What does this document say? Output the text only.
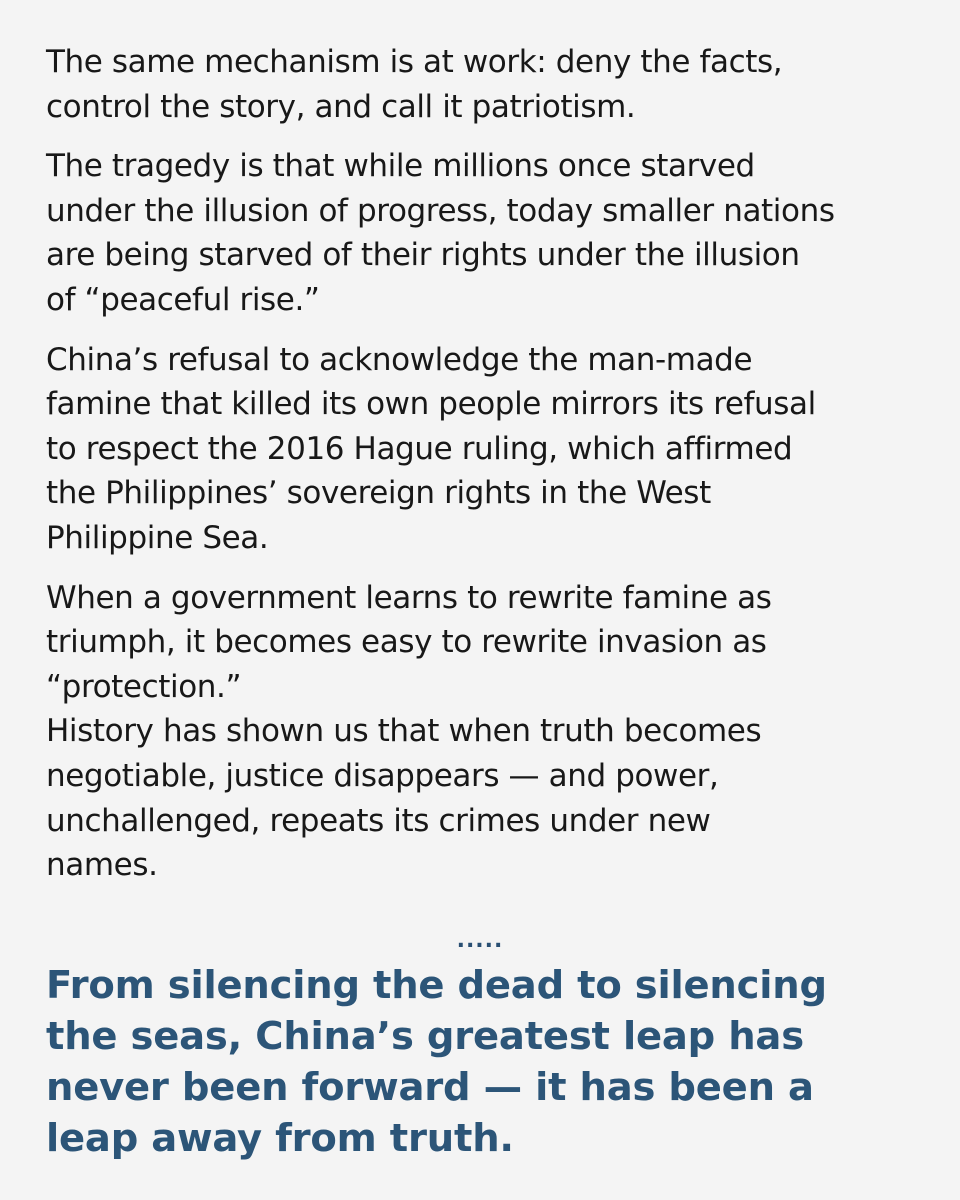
The same mechanism is at work: deny the facts,
control the story, and call it patriotism.

The tragedy is that while millions once starved
under the illusion of progress, today smaller nations
are being starved of their rights under the illusion
of “peaceful rise.”

China’s refusal to acknowledge the man-made
famine that killed its own people mirrors its refusal
to respect the 2016 Hague ruling, which affirmed
the Philippines’ sovereign rights in the West
Philippine Sea.

When a government learns to rewrite famine as
triumph, it becomes easy to rewrite invasion as
“protection.”

History has shown us that when truth becomes
negotiable, justice disappears — and power,
unchallenged, repeats its crimes under new
names.

.....

From silencing the dead to silencing
the seas, China’s greatest leap has
never been forward — it has been a
leap away from truth.
